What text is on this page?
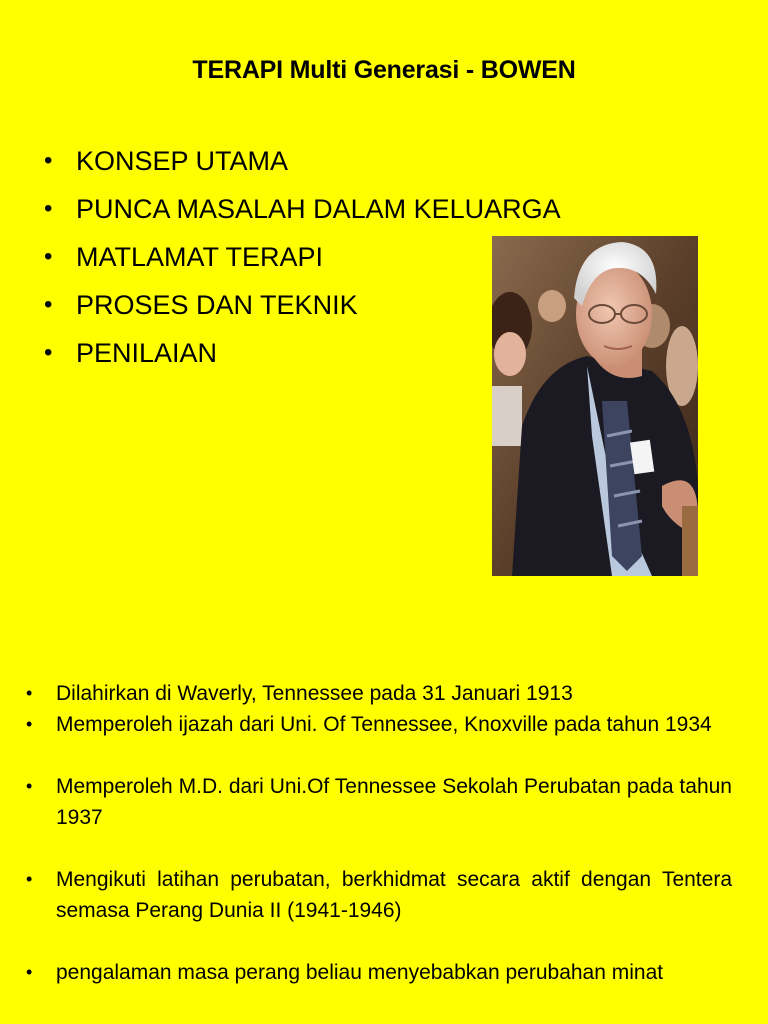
TERAPI Multi Generasi - BOWEN
• KONSEP UTAMA
• PUNCA MASALAH DALAM KELUARGA
• MATLAMAT TERAPI
• PROSES DAN TEKNIK
• PENILAIAN
• Dilahirkan di Waverly, Tennessee pada 31 Januari 1913
• Memperoleh ijazah dari Uni. Of Tennessee, Knoxville pada tahun 1934
• Memperoleh M.D. dari Uni.Of Tennessee Sekolah Perubatan pada tahun 1937
• Mengikuti latihan perubatan, berkhidmat secara aktif dengan Tentera semasa Perang Dunia II (1941-1946)
• pengalaman masa perang beliau menyebabkan perubahan minat
